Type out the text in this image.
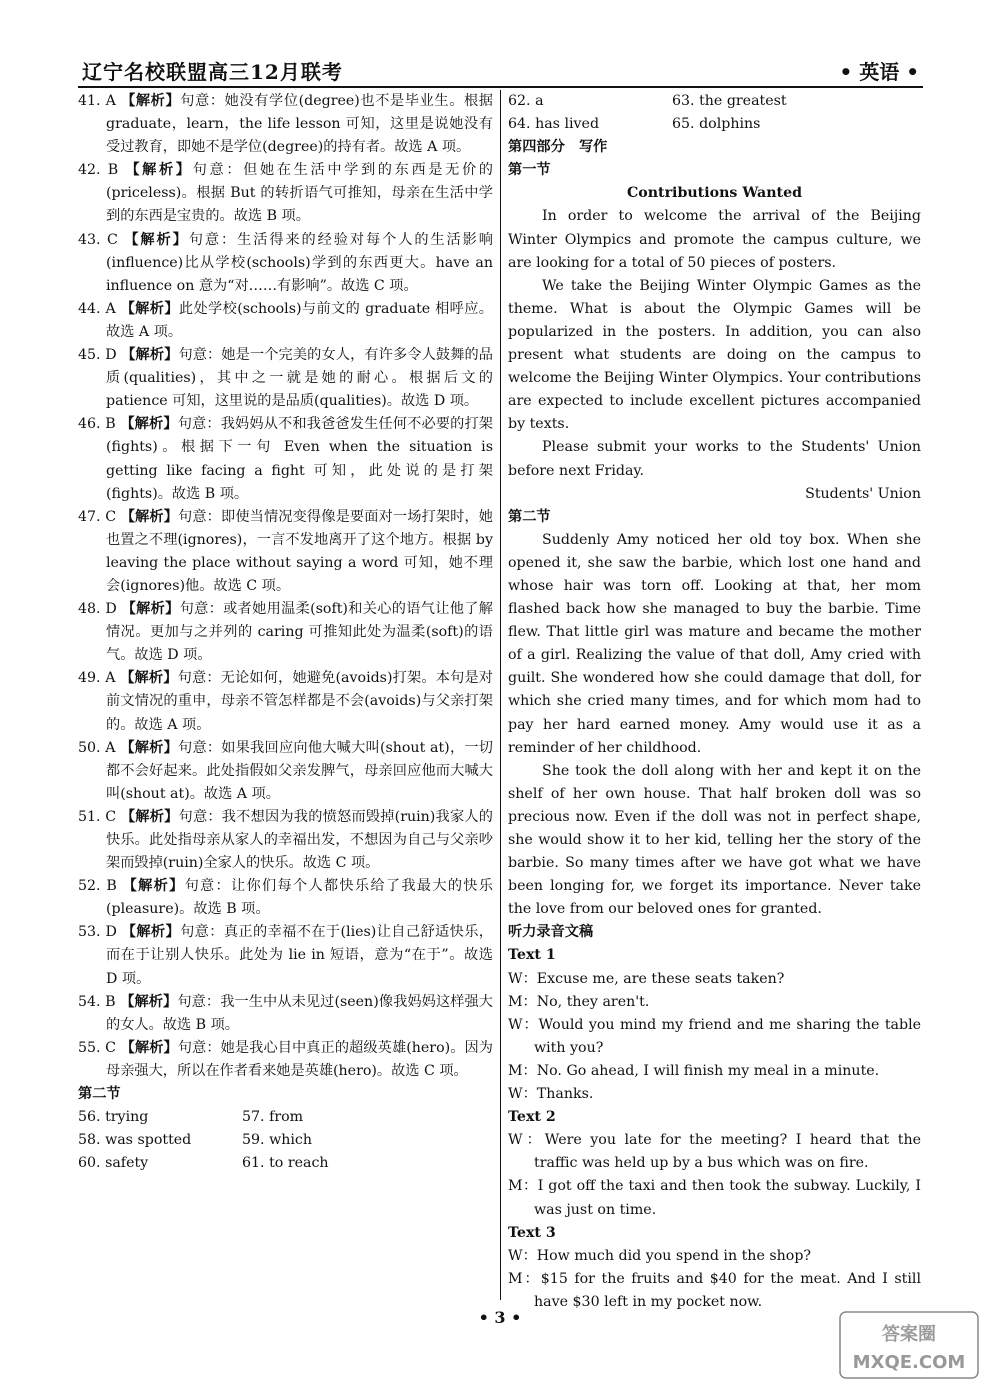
辽宁名校联盟高三12月联考	• 英语 •
41. A 【解析】句意：她没有学位(degree)也不是毕业生。根据 graduate，learn，the life lesson 可知，这里是说她没有受过教育，即她不是学位(degree)的持有者。故选 A 项。
42. B 【解析】句意：但她在生活中学到的东西是无价的(priceless)。根据 But 的转折语气可推知，母亲在生活中学到的东西是宝贵的。故选 B 项。
43. C 【解析】句意：生活得来的经验对每个人的生活影响(influence)比从学校(schools)学到的东西更大。have an influence on 意为“对……有影响”。故选 C 项。
44. A 【解析】此处学校(schools)与前文的 graduate 相呼应。故选 A 项。
45. D 【解析】句意：她是一个完美的女人，有许多令人鼓舞的品质(qualities)，其中之一就是她的耐心。根据后文的 patience 可知，这里说的是品质(qualities)。故选 D 项。
46. B 【解析】句意：我妈妈从不和我爸爸发生任何不必要的打架(fights)。根据下一句 Even when the situation is getting like facing a fight 可知，此处说的是打架(fights)。故选 B 项。
47. C 【解析】句意：即使当情况变得像是要面对一场打架时，她也置之不理(ignores)，一言不发地离开了这个地方。根据 by leaving the place without saying a word 可知，她不理会(ignores)他。故选 C 项。
48. D 【解析】句意：或者她用温柔(soft)和关心的语气让他了解情况。更加与之并列的 caring 可推知此处为温柔(soft)的语气。故选 D 项。
49. A 【解析】句意：无论如何，她避免(avoids)打架。本句是对前文情况的重申，母亲不管怎样都是不会(avoids)与父亲打架的。故选 A 项。
50. A 【解析】句意：如果我回应向他大喊大叫(shout at)，一切都不会好起来。此处指假如父亲发脾气，母亲回应他而大喊大叫(shout at)。故选 A 项。
51. C 【解析】句意：我不想因为我的愤怒而毁掉(ruin)我家人的快乐。此处指母亲从家人的幸福出发，不想因为自己与父亲吵架而毁掉(ruin)全家人的快乐。故选 C 项。
52. B 【解析】句意：让你们每个人都快乐给了我最大的快乐(pleasure)。故选 B 项。
53. D 【解析】句意：真正的幸福不在于(lies)让自己舒适快乐，而在于让别人快乐。此处为 lie in 短语，意为“在于”。故选 D 项。
54. B 【解析】句意：我一生中从未见过(seen)像我妈妈这样强大的女人。故选 B 项。
55. C 【解析】句意：她是我心目中真正的超级英雄(hero)。因为母亲强大，所以在作者看来她是英雄(hero)。故选 C 项。
第二节
56. trying	57. from
58. was spotted	59. which
60. safety	61. to reach
62. a	63. the greatest
64. has lived	65. dolphins
第四部分　写作
第一节
Contributions Wanted
In order to welcome the arrival of the Beijing Winter Olympics and promote the campus culture, we are looking for a total of 50 pieces of posters.
We take the Beijing Winter Olympic Games as the theme. What is about the Olympic Games will be popularized in the posters. In addition, you can also present what students are doing on the campus to welcome the Beijing Winter Olympics. Your contributions are expected to include excellent pictures accompanied by texts.
Please submit your works to the Students' Union before next Friday.
Students' Union
第二节
Suddenly Amy noticed her old toy box. When she opened it, she saw the barbie, which lost one hand and whose hair was torn off. Looking at that, her mom flashed back how she managed to buy the barbie. Time flew. That little girl was mature and became the mother of a girl. Realizing the value of that doll, Amy cried with guilt. She wondered how she could damage that doll, for which she cried many times, and for which mom had to pay her hard earned money. Amy would use it as a reminder of her childhood.
She took the doll along with her and kept it on the shelf of her own house. That half broken doll was so precious now. Even if the doll was not in perfect shape, she would show it to her kid, telling her the story of the barbie. So many times after we have got what we have been longing for, we forget its importance. Never take the love from our beloved ones for granted.
听力录音文稿
Text 1
W：Excuse me, are these seats taken?
M：No, they aren't.
W：Would you mind my friend and me sharing the table with you?
M：No. Go ahead, I will finish my meal in a minute.
W：Thanks.
Text 2
W：Were you late for the meeting? I heard that the traffic was held up by a bus which was on fire.
M：I got off the taxi and then took the subway. Luckily, I was just on time.
Text 3
W：How much did you spend in the shop?
M：$15 for the fruits and $40 for the meat. And I still have $30 left in my pocket now.
• 3 •
答案圈
MXQE.COM
